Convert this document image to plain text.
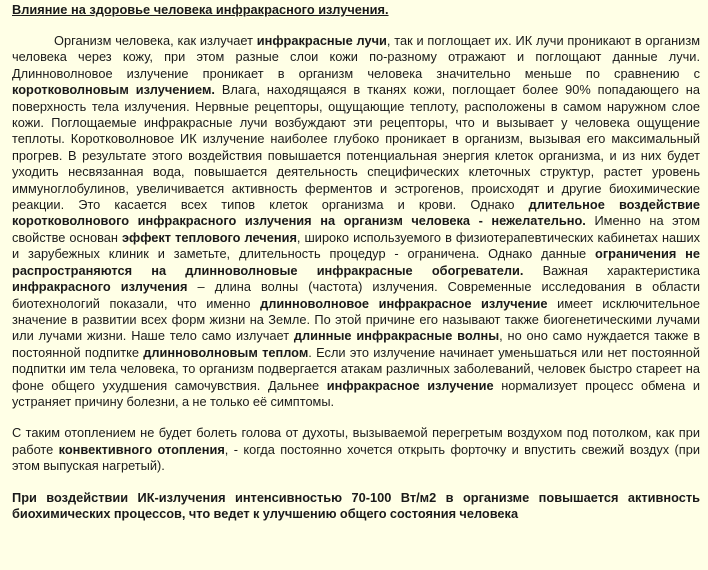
Влияние на здоровье человека инфракрасного излучения.

Организм человека, как излучает инфракрасные лучи, так и поглощает их. ИК лучи проникают в организм человека через кожу, при этом разные слои кожи по-разному отражают и поглощают данные лучи. Длинноволновое излучение проникает в организм человека значительно меньше по сравнению с коротковолновым излучением. Влага, находящаяся в тканях кожи, поглощает более 90% попадающего на поверхность тела излучения. Нервные рецепторы, ощущающие теплоту, расположены в самом наружном слое кожи. Поглощаемые инфракрасные лучи возбуждают эти рецепторы, что и вызывает у человека ощущение теплоты. Коротковолновое ИК излучение наиболее глубоко проникает в организм, вызывая его максимальный прогрев. В результате этого воздействия повышается потенциальная энергия клеток организма, и из них будет уходить несвязанная вода, повышается деятельность специфических клеточных структур, растет уровень иммуноглобулинов, увеличивается активность ферментов и эстрогенов, происходят и другие биохимические реакции. Это касается всех типов клеток организма и крови. Однако длительное воздействие коротковолнового инфракрасного излучения на организм человека - нежелательно. Именно на этом свойстве основан эффект теплового лечения, широко используемого в физиотерапевтических кабинетах наших и зарубежных клиник и заметьте, длительность процедур - ограничена. Однако данные ограничения не распространяются на длинноволновые инфракрасные обогреватели. Важная характеристика инфракрасного излучения – длина волны (частота) излучения. Современные исследования в области биотехнологий показали, что именно длинноволновое инфракрасное излучение имеет исключительное значение в развитии всех форм жизни на Земле. По этой причине его называют также биогенетическими лучами или лучами жизни. Наше тело само излучает длинные инфракрасные волны, но оно само нуждается также в постоянной подпитке длинноволновым теплом. Если это излучение начинает уменьшаться или нет постоянной подпитки им тела человека, то организм подвергается атакам различных заболеваний, человек быстро стареет на фоне общего ухудшения самочувствия. Дальнее инфракрасное излучение нормализует процесс обмена и устраняет причину болезни, а не только её симптомы.

С таким отоплением не будет болеть голова от духоты, вызываемой перегретым воздухом под потолком, как при работе конвективного отопления, - когда постоянно хочется открыть форточку и впустить свежий воздух (при этом выпуская нагретый).

При воздействии ИК-излучения интенсивностью 70-100 Вт/м2 в организме повышается активность биохимических процессов, что ведет к улучшению общего состояния человека
